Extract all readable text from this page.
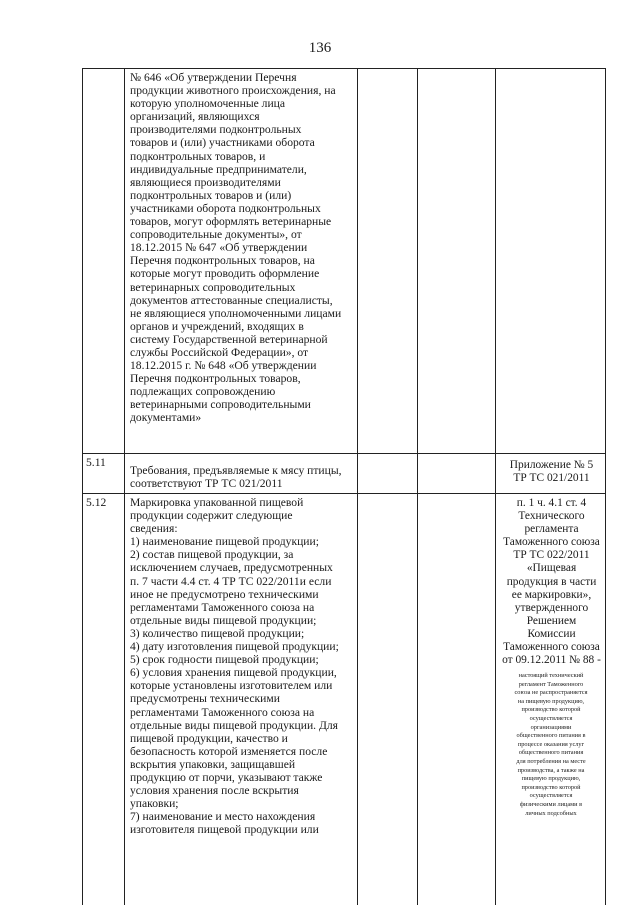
136
№ 646 «Об утверждении Перечня
продукции животного происхождения, на
которую уполномоченные лица
организаций, являющихся
производителями подконтрольных
товаров и (или) участниками оборота
подконтрольных товаров, и
индивидуальные предприниматели,
являющиеся производителями
подконтрольных товаров и (или)
участниками оборота подконтрольных
товаров, могут оформлять ветеринарные
сопроводительные документы», от
18.12.2015 № 647 «Об утверждении
Перечня подконтрольных товаров, на
которые могут проводить оформление
ветеринарных сопроводительных
документов аттестованные специалисты,
не являющиеся уполномоченными лицами
органов и учреждений, входящих в
систему Государственной ветеринарной
службы Российской Федерации», от
18.12.2015 г. № 648 «Об утверждении
Перечня подконтрольных товаров,
подлежащих сопровождению
ветеринарными сопроводительными
документами»
5.11
Требования, предъявляемые к мясу птицы,
соответствуют ТР ТС 021/2011
Приложение № 5
ТР ТС 021/2011
5.12 Маркировка упакованной пищевой
продукции содержит следующие
сведения:
1) наименование пищевой продукции;
2) состав пищевой продукции, за
исключением случаев, предусмотренных
п. 7 части 4.4 ст. 4 ТР ТС 022/2011и если
иное не предусмотрено техническими
регламентами Таможенного союза на
отдельные виды пищевой продукции;
3) количество пищевой продукции;
4) дату изготовления пищевой продукции;
5) срок годности пищевой продукции;
6) условия хранения пищевой продукции,
которые установлены изготовителем или
предусмотрены техническими
регламентами Таможенного союза на
отдельные виды пищевой продукции. Для
пищевой продукции, качество и
безопасность которой изменяется после
вскрытия упаковки, защищавшей
продукцию от порчи, указывают также
условия хранения после вскрытия
упаковки;
7) наименование и место нахождения
изготовителя пищевой продукции или
п. 1 ч. 4.1 ст. 4
Технического
регламента
Таможенного союза
ТР ТС 022/2011
«Пищевая
продукция в части
ее маркировки»,
утвержденного
Решением
Комиссии
Таможенного союза
от 09.12.2011 № 88 -
настоящий технический
регламент Таможенного
союза не распространяется
на пищевую продукцию,
производство которой
осуществляется
организациями
общественного питания в
процессе оказания услуг
общественного питания
для потребления на месте
производства, а также на
пищевую продукцию,
производство которой
осуществляется
физическими лицами в
личных подсобных
